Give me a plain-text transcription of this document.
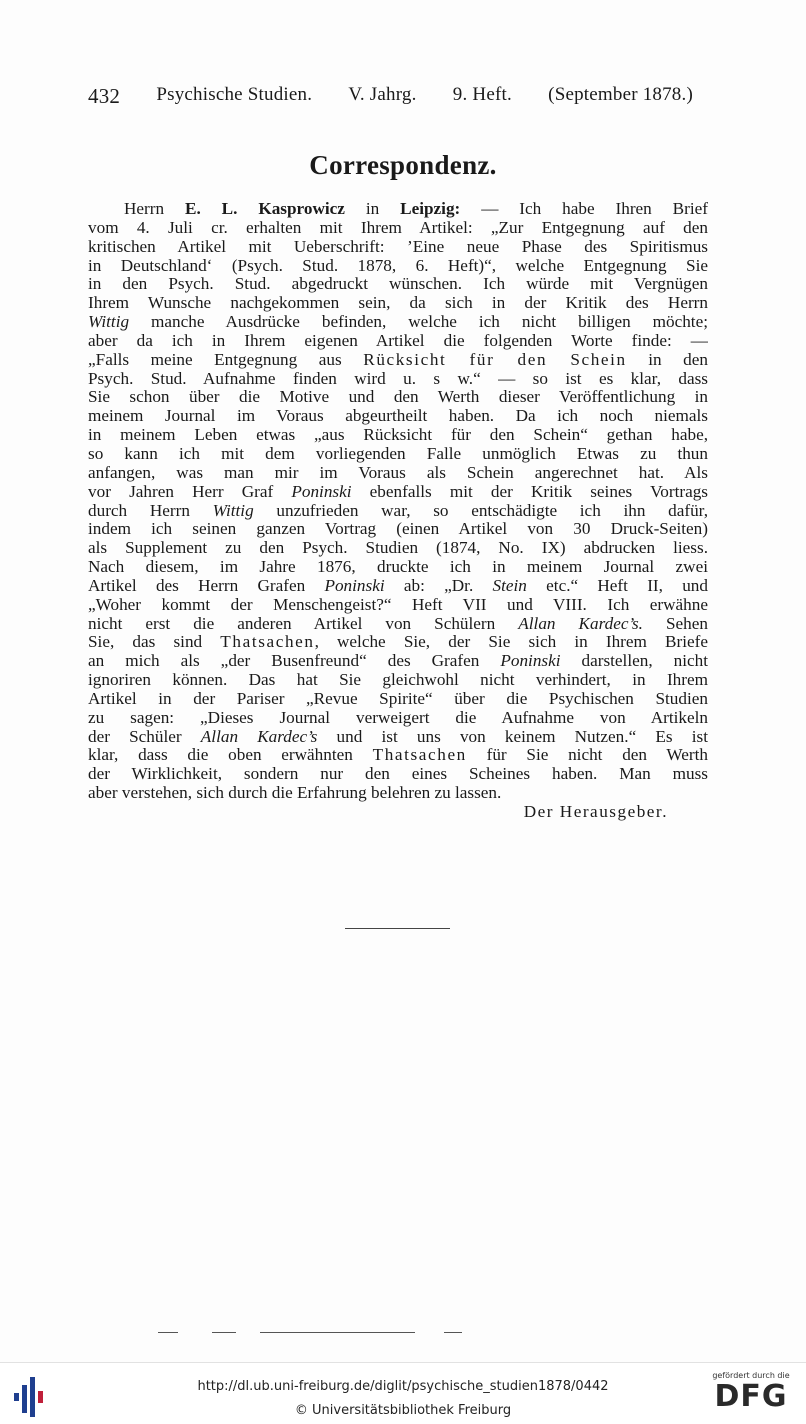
432 Psychische Studien. V. Jahrg. 9. Heft. (September 1878.)
Correspondenz.
Herrn E. L. Kasprowicz in Leipzig: — Ich habe Ihren Brief
vom 4. Juli cr. erhalten mit Ihrem Artikel: „Zur Entgegnung auf den
kritischen Artikel mit Ueberschrift: ’Eine neue Phase des Spiritismus
in Deutschland‘ (Psych. Stud. 1878, 6. Heft)“, welche Entgegnung Sie
in den Psych. Stud. abgedruckt wünschen. Ich würde mit Vergnügen
Ihrem Wunsche nachgekommen sein, da sich in der Kritik des Herrn
Wittig manche Ausdrücke befinden, welche ich nicht billigen möchte;
aber da ich in Ihrem eigenen Artikel die folgenden Worte finde: —
„Falls meine Entgegnung aus Rücksicht für den Schein in den
Psych. Stud. Aufnahme finden wird u. s w.“ — so ist es klar, dass
Sie schon über die Motive und den Werth dieser Veröffentlichung in
meinem Journal im Voraus abgeurtheilt haben. Da ich noch niemals
in meinem Leben etwas „aus Rücksicht für den Schein“ gethan habe,
so kann ich mit dem vorliegenden Falle unmöglich Etwas zu thun
anfangen, was man mir im Voraus als Schein angerechnet hat. Als
vor Jahren Herr Graf Poninski ebenfalls mit der Kritik seines Vortrags
durch Herrn Wittig unzufrieden war, so entschädigte ich ihn dafür,
indem ich seinen ganzen Vortrag (einen Artikel von 30 Druck-Seiten)
als Supplement zu den Psych. Studien (1874, No. IX) abdrucken liess.
Nach diesem, im Jahre 1876, druckte ich in meinem Journal zwei
Artikel des Herrn Grafen Poninski ab: „Dr. Stein etc.“ Heft II, und
„Woher kommt der Menschengeist?“ Heft VII und VIII. Ich erwähne
nicht erst die anderen Artikel von Schülern Allan Kardec’s. Sehen
Sie, das sind Thatsachen, welche Sie, der Sie sich in Ihrem Briefe
an mich als „der Busenfreund“ des Grafen Poninski darstellen, nicht
ignoriren können. Das hat Sie gleichwohl nicht verhindert, in Ihrem
Artikel in der Pariser „Revue Spirite“ über die Psychischen Studien
zu sagen: „Dieses Journal verweigert die Aufnahme von Artikeln
der Schüler Allan Kardec’s und ist uns von keinem Nutzen.“ Es ist
klar, dass die oben erwähnten Thatsachen für Sie nicht den Werth
der Wirklichkeit, sondern nur den eines Scheines haben. Man muss
aber verstehen, sich durch die Erfahrung belehren zu lassen.
Der Herausgeber.
http://dl.ub.uni-freiburg.de/diglit/psychische_studien1878/0442
© Universitätsbibliothek Freiburg
gefördert durch die
DFG
